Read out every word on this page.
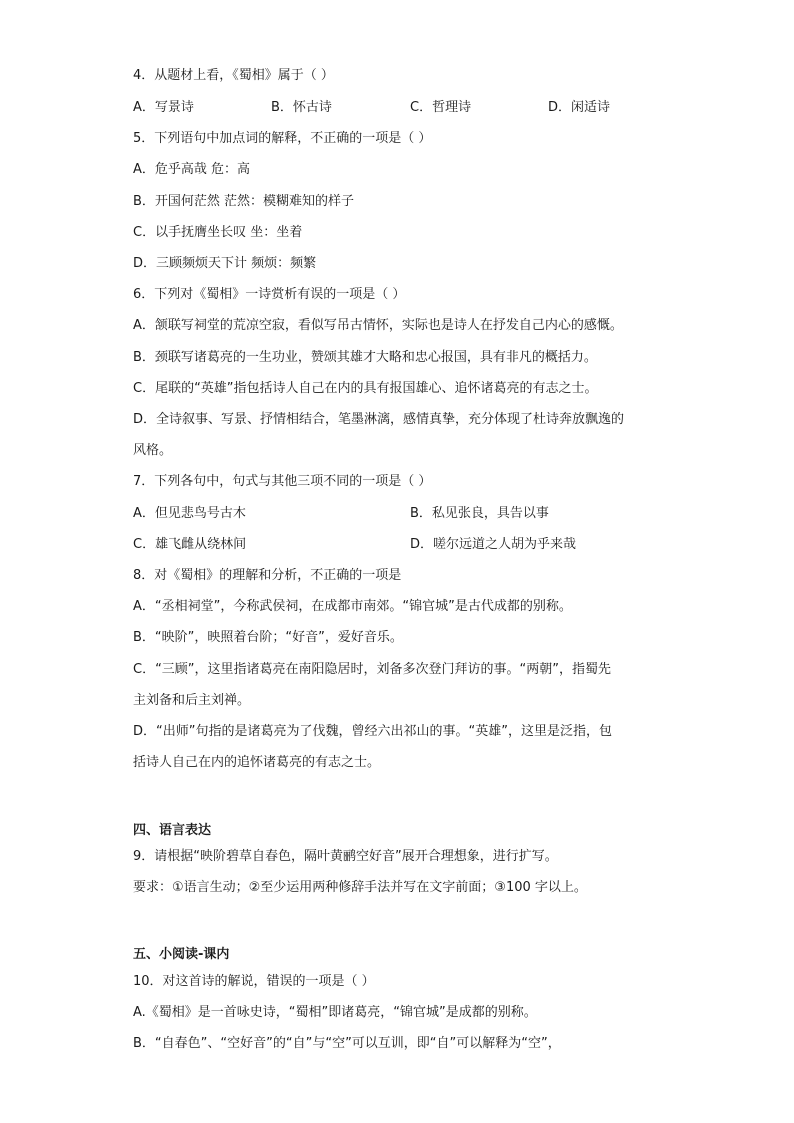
4．从题材上看，《蜀相》属于（ ）
A．写景诗	B．怀古诗	C．哲理诗	D．闲适诗
5．下列语句中加点词的解释，不正确的一项是（ ）
A．危乎高哉 危：高
B．开国何茫然 茫然：模糊难知的样子
C．以手抚膺坐长叹 坐：坐着
D．三顾频烦天下计 频烦：频繁
6．下列对《蜀相》一诗赏析有误的一项是（ ）
A．颔联写祠堂的荒凉空寂，看似写吊古情怀，实际也是诗人在抒发自己内心的感慨。
B．颈联写诸葛亮的一生功业，赞颂其雄才大略和忠心报国，具有非凡的概括力。
C．尾联的“英雄”指包括诗人自己在内的具有报国雄心、追怀诸葛亮的有志之士。
D．全诗叙事、写景、抒情相结合，笔墨淋漓，感情真挚，充分体现了杜诗奔放飘逸的
风格。
7．下列各句中，句式与其他三项不同的一项是（ ）
A．但见悲鸟号古木	B．私见张良，具告以事
C．雄飞雌从绕林间	D．嗟尔远道之人胡为乎来哉
8．对《蜀相》的理解和分析，不正确的一项是
A．“丞相祠堂”，今称武侯祠，在成都市南郊。“锦官城”是古代成都的别称。
B．“映阶”，映照着台阶；“好音”，爱好音乐。
C．“三顾”，这里指诸葛亮在南阳隐居时，刘备多次登门拜访的事。“两朝”，指蜀先
主刘备和后主刘禅。
D．“出师”句指的是诸葛亮为了伐魏，曾经六出祁山的事。“英雄”，这里是泛指，包
括诗人自己在内的追怀诸葛亮的有志之士。
四、语言表达
9．请根据“映阶碧草自春色，隔叶黄鹂空好音”展开合理想象，进行扩写。
要求：①语言生动；②至少运用两种修辞手法并写在文字前面；③100 字以上。
五、小阅读-课内
10．对这首诗的解说，错误的一项是（ ）
A.《蜀相》是一首咏史诗，“蜀相”即诸葛亮，“锦官城”是成都的别称。
B．“自春色”、“空好音”的“自”与“空”可以互训，即“自”可以解释为“空”，
